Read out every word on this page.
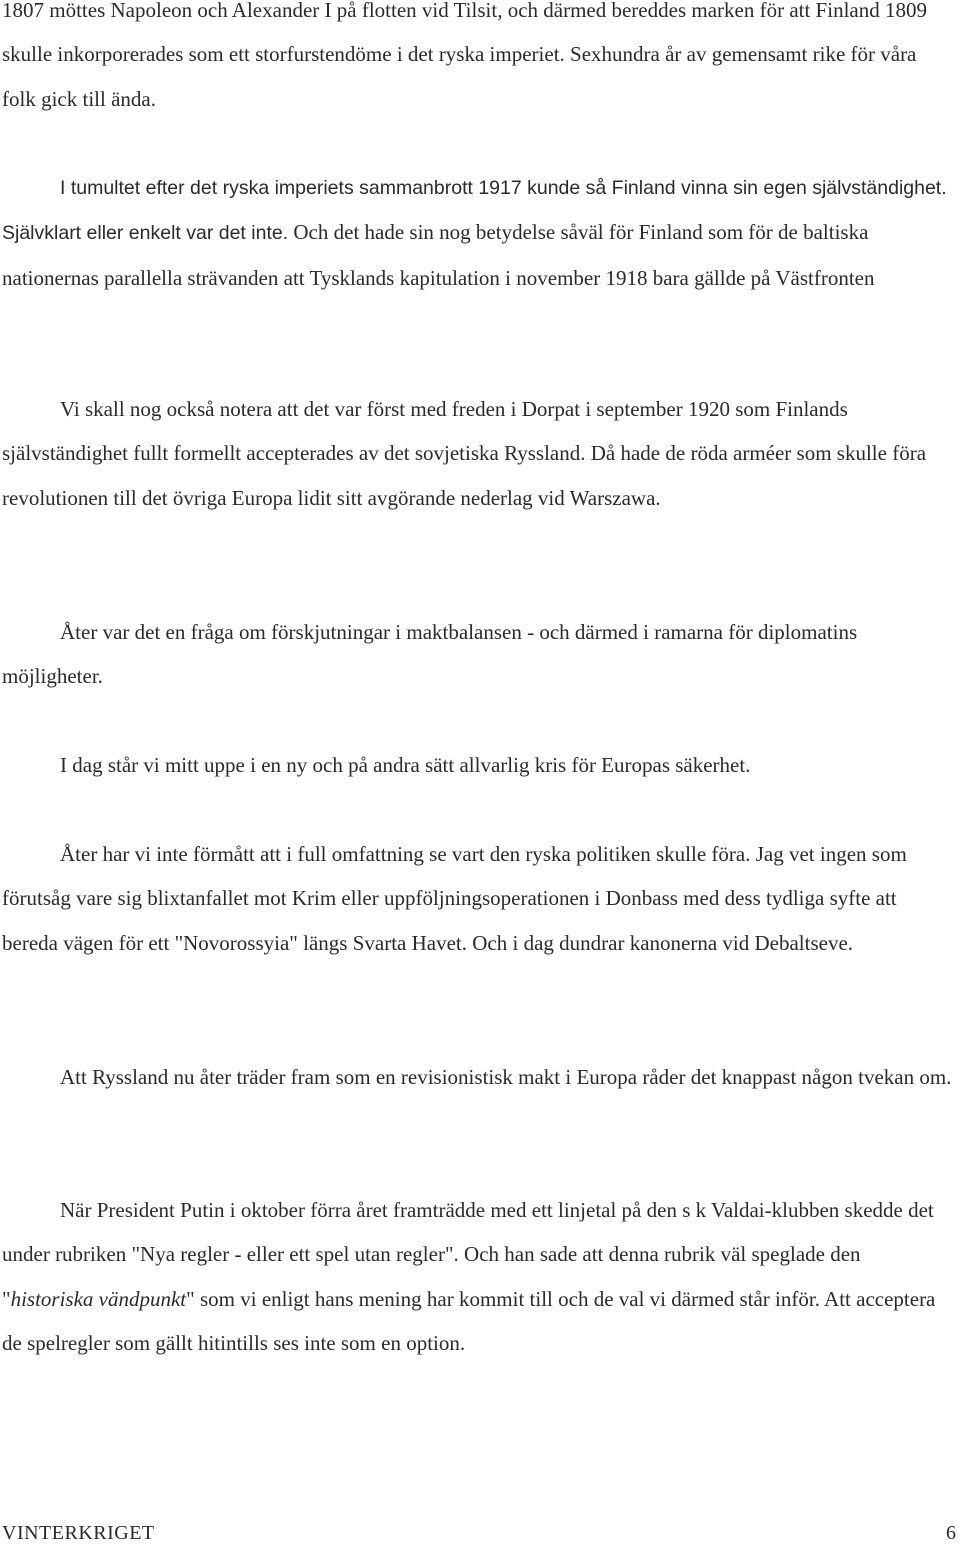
1807 möttes Napoleon och Alexander I på flotten vid Tilsit, och därmed bereddes marken för att Finland 1809 skulle inkorporerades som ett storfurstendöme i det ryska imperiet. Sexhundra år av gemensamt rike för våra folk gick till ända.

I tumultet efter det ryska imperiets sammanbrott 1917 kunde så Finland vinna sin egen självständighet. Självklart eller enkelt var det inte. Och det hade sin nog betydelse såväl för Finland som för de baltiska nationernas parallella strävanden att Tysklands kapitulation i november 1918 bara gällde på Västfronten

Vi skall nog också notera att det var först med freden i Dorpat i september 1920 som Finlands självständighet fullt formellt accepterades av det sovjetiska Ryssland. Då hade de röda arméer som skulle föra revolutionen till det övriga Europa lidit sitt avgörande nederlag vid Warszawa.

Åter var det en fråga om förskjutningar i maktbalansen - och därmed i ramarna för diplomatins möjligheter.

I dag står vi mitt uppe i en ny och på andra sätt allvarlig kris för Europas säkerhet.

Åter har vi inte förmått att i full omfattning se vart den ryska politiken skulle föra. Jag vet ingen som förutsåg vare sig blixtanfallet mot Krim eller uppföljningsoperationen i Donbass med dess tydliga syfte att bereda vägen för ett "Novorossyia" längs Svarta Havet. Och i dag dundrar kanonerna vid Debaltseve.

Att Ryssland nu åter träder fram som en revisionistisk makt i Europa råder det knappast någon tvekan om.

När President Putin i oktober förra året framträdde med ett linjetal på den s k Valdai-klubben skedde det under rubriken "Nya regler - eller ett spel utan regler". Och han sade att denna rubrik väl speglade den "historiska vändpunkt" som vi enligt hans mening har kommit till och de val vi därmed står inför. Att acceptera de spelregler som gällt hitintills ses inte som en option.

VINTERKRIGET	6
